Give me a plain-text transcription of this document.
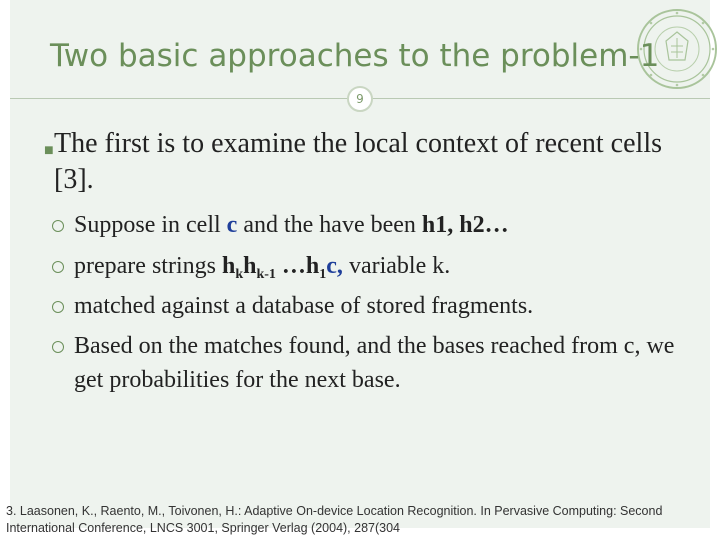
Two basic approaches to the problem-1
9
■ The first is to examine the local context of recent cells [3].
Suppose in cell c and the have been h1, h2…
prepare strings $h_kh_{k-1}$ $\dots h_1c$, variable k.
matched against a database of stored fragments.
Based on the matches found, and the bases reached from c, we get probabilities for the next base.
3. Laasonen, K., Raento, M., Toivonen, H.: Adaptive On-device Location Recognition. In Pervasive Computing: Second International Conference, LNCS 3001, Springer Verlag (2004), 287(304
